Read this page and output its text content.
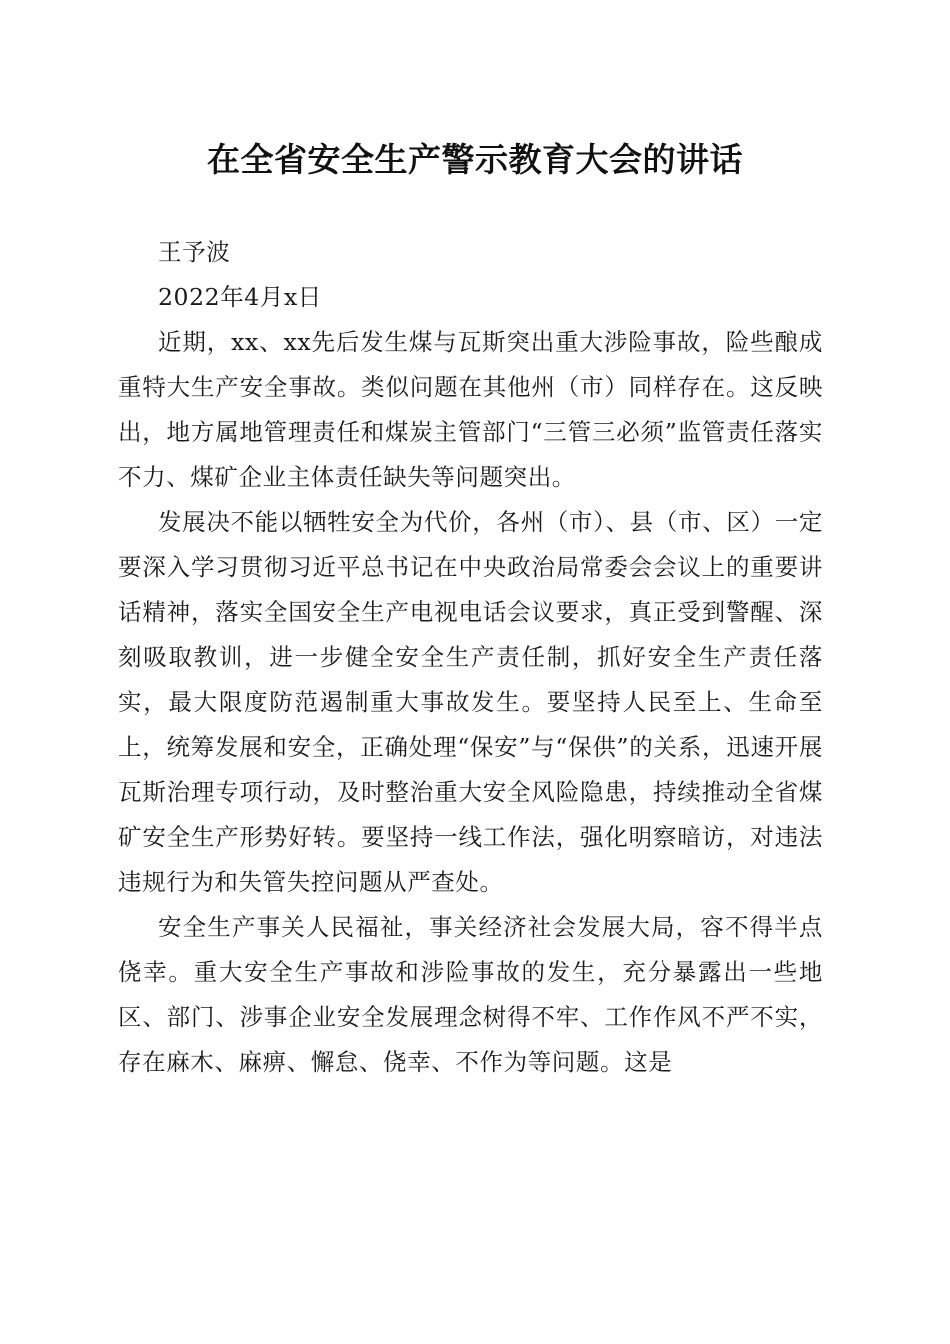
在全省安全生产警示教育大会的讲话

王予波

2022年4月x日

近期，xx、xx先后发生煤与瓦斯突出重大涉险事故，险些酿成重特大生产安全事故。类似问题在其他州（市）同样存在。这反映出，地方属地管理责任和煤炭主管部门“三管三必须”监管责任落实不力、煤矿企业主体责任缺失等问题突出。

发展决不能以牺牲安全为代价，各州（市）、县（市、区）一定要深入学习贯彻习近平总书记在中央政治局常委会会议上的重要讲话精神，落实全国安全生产电视电话会议要求，真正受到警醒、深刻吸取教训，进一步健全安全生产责任制，抓好安全生产责任落实，最大限度防范遏制重大事故发生。要坚持人民至上、生命至上，统筹发展和安全，正确处理“保安”与“保供”的关系，迅速开展瓦斯治理专项行动，及时整治重大安全风险隐患，持续推动全省煤矿安全生产形势好转。要坚持一线工作法，强化明察暗访，对违法违规行为和失管失控问题从严查处。

安全生产事关人民福祉，事关经济社会发展大局，容不得半点侥幸。重大安全生产事故和涉险事故的发生，充分暴露出一些地区、部门、涉事企业安全发展理念树得不牢、工作作风不严不实，存在麻木、麻痹、懈怠、侥幸、不作为等问题。这是
